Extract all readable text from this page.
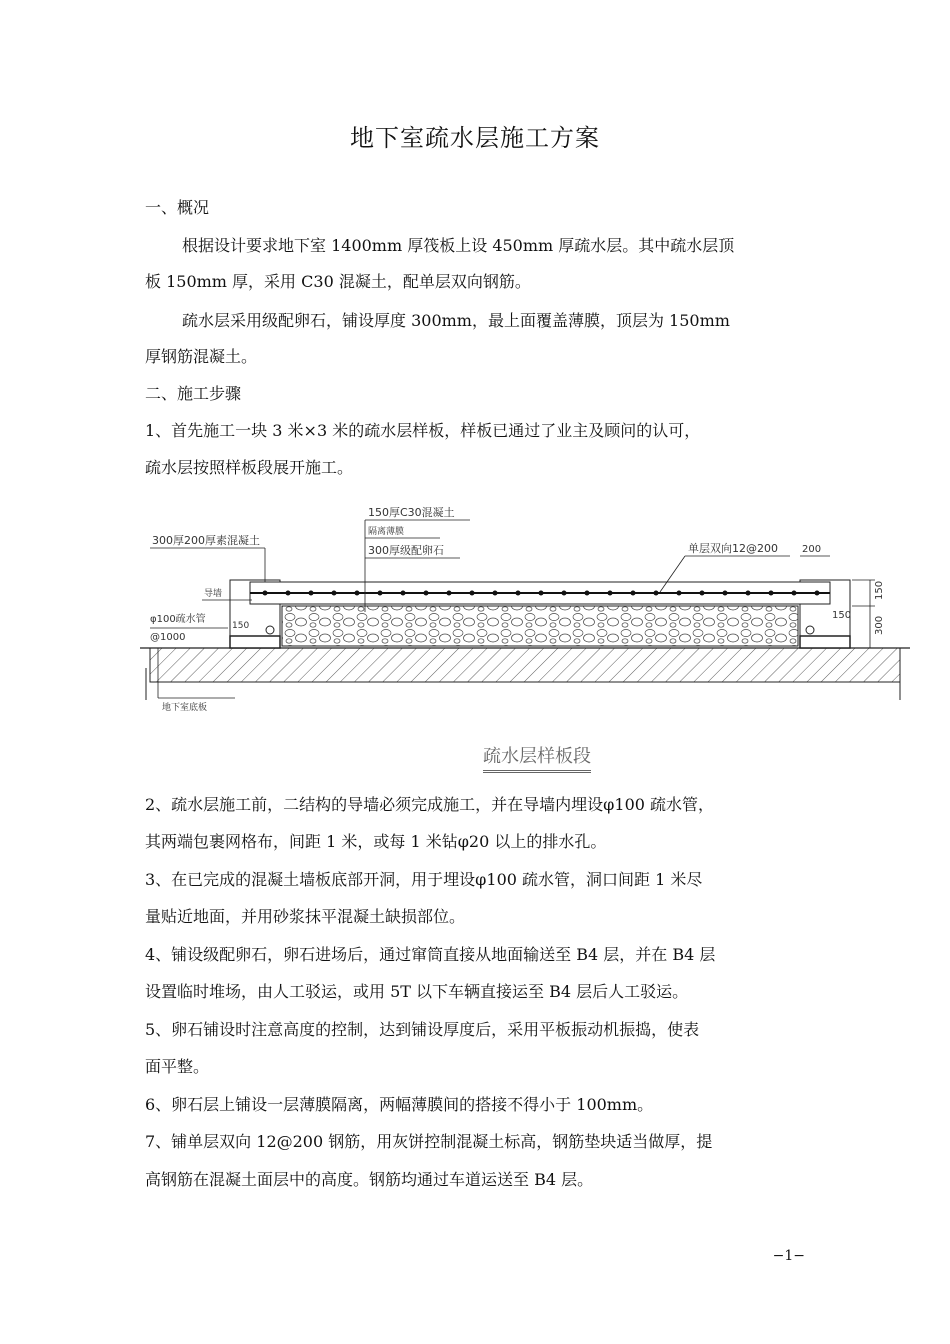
地下室疏水层施工方案
一、概况
根据设计要求地下室 1400mm 厚筏板上设 450mm 厚疏水层。其中疏水层顶
板 150mm 厚，采用 C30 混凝土，配单层双向钢筋。
疏水层采用级配卵石，铺设厚度 300mm，最上面覆盖薄膜，顶层为 150mm
厚钢筋混凝土。
二、施工步骤
1、首先施工一块 3 米×3 米的疏水层样板，样板已通过了业主及顾问的认可，
疏水层按照样板段展开施工。
150厚C30混凝土
隔离薄膜
300厚级配卵石
300厚200厚素混凝土
单层双向12@200 200
150
300
150
φ100疏水管
@1000
150
导墙
地下室底板
疏水层样板段
2、疏水层施工前，二结构的导墙必须完成施工，并在导墙内埋设φ100 疏水管，
其两端包裹网格布，间距 1 米，或每 1 米钻φ20 以上的排水孔。
3、在已完成的混凝土墙板底部开洞，用于埋设φ100 疏水管，洞口间距 1 米尽
量贴近地面，并用砂浆抹平混凝土缺损部位。
4、铺设级配卵石，卵石进场后，通过窜筒直接从地面输送至 B4 层，并在 B4 层
设置临时堆场，由人工驳运，或用 5T 以下车辆直接运至 B4 层后人工驳运。
5、卵石铺设时注意高度的控制，达到铺设厚度后，采用平板振动机振捣，使表
面平整。
6、卵石层上铺设一层薄膜隔离，两幅薄膜间的搭接不得小于 100mm。
7、铺单层双向 12@200 钢筋，用灰饼控制混凝土标高，钢筋垫块适当做厚，提
高钢筋在混凝土面层中的高度。钢筋均通过车道运送至 B4 层。
−1−
